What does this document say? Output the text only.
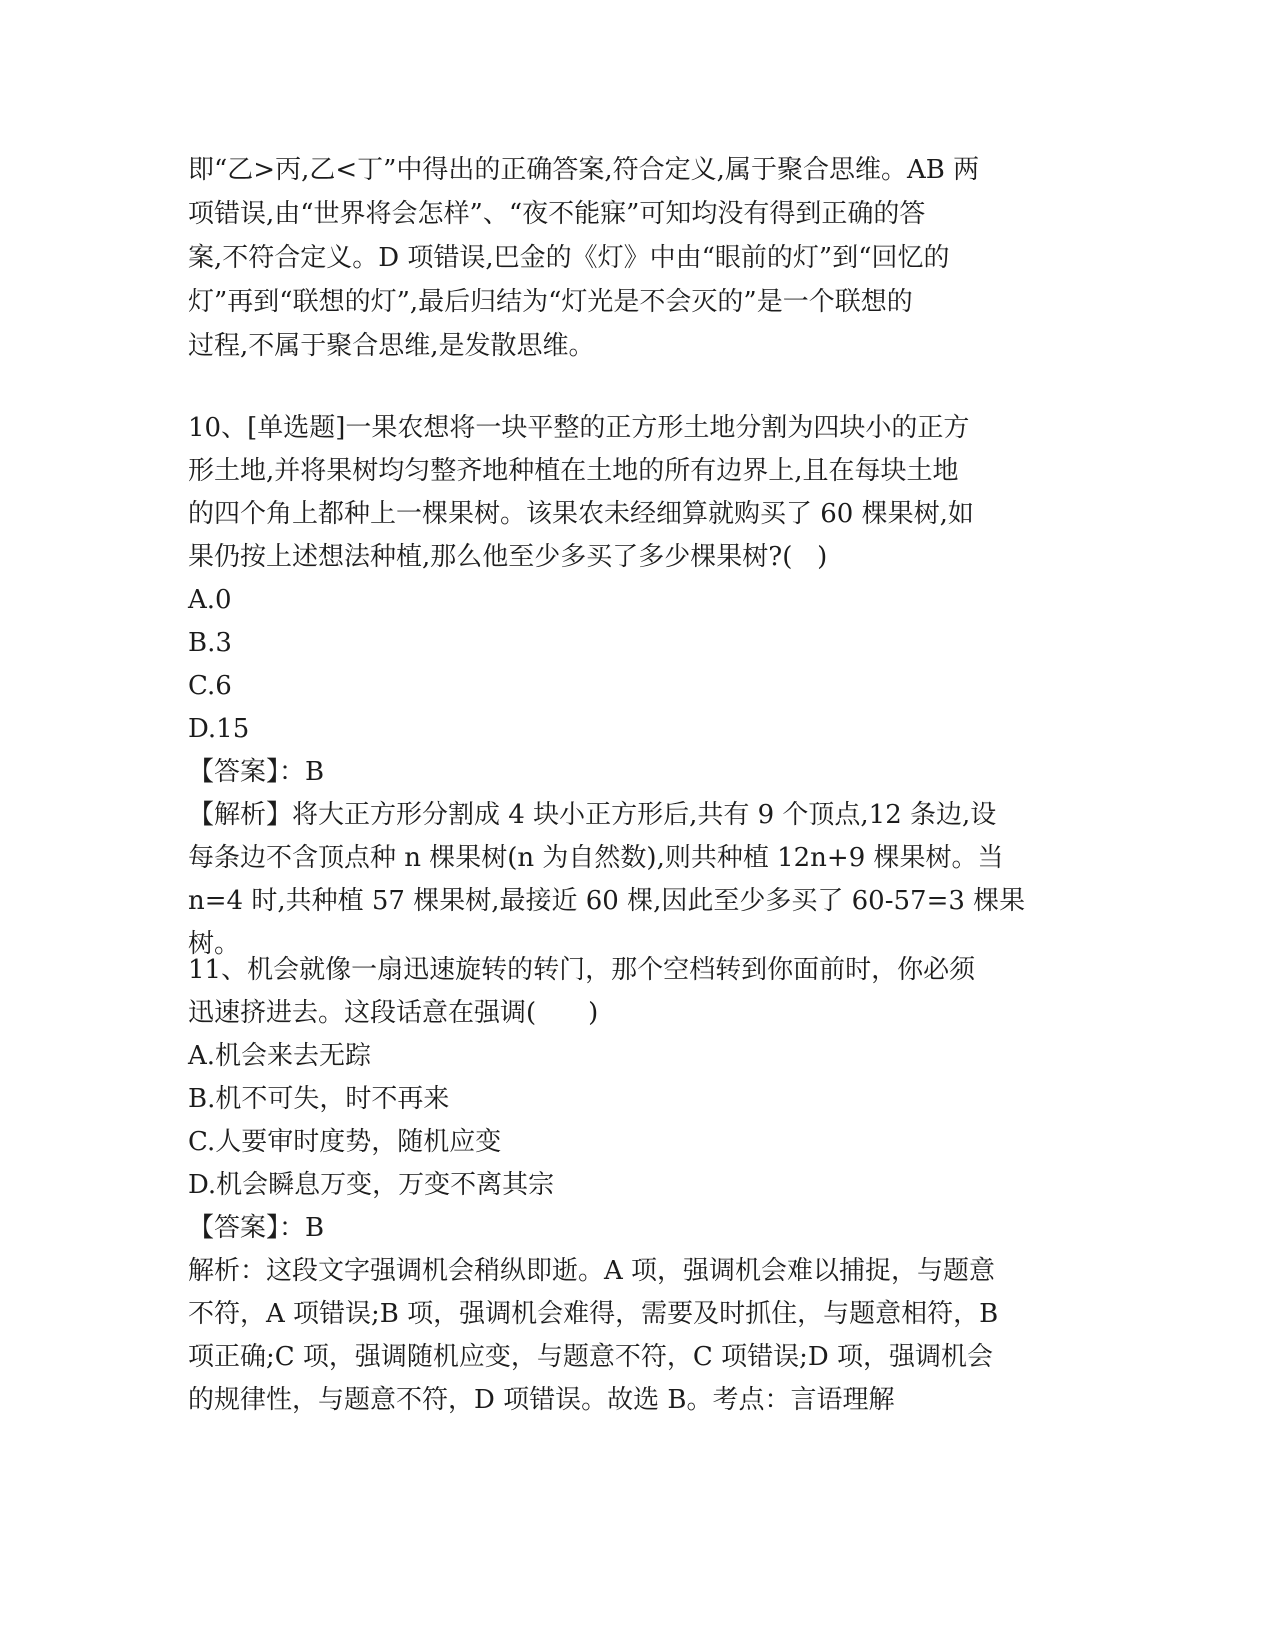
即“乙>丙,乙<丁”中得出的正确答案,符合定义,属于聚合思维。AB 两
项错误,由“世界将会怎样”、“夜不能寐”可知均没有得到正确的答
案,不符合定义。D 项错误,巴金的《灯》中由“眼前的灯”到“回忆的
灯”再到“联想的灯”,最后归结为“灯光是不会灭的”是一个联想的
过程,不属于聚合思维,是发散思维。
10、[单选题]一果农想将一块平整的正方形土地分割为四块小的正方
形土地,并将果树均匀整齐地种植在土地的所有边界上,且在每块土地
的四个角上都种上一棵果树。该果农未经细算就购买了 60 棵果树,如
果仍按上述想法种植,那么他至少多买了多少棵果树?(   )
A.0
B.3
C.6
D.15
【答案】：B
【解析】将大正方形分割成 4 块小正方形后,共有 9 个顶点,12 条边,设
每条边不含顶点种 n 棵果树(n 为自然数),则共种植 12n+9 棵果树。当
n=4 时,共种植 57 棵果树,最接近 60 棵,因此至少多买了 60-57=3 棵果
树。
11、机会就像一扇迅速旋转的转门，那个空档转到你面前时，你必须
迅速挤进去。这段话意在强调(　　)
A.机会来去无踪
B.机不可失，时不再来
C.人要审时度势，随机应变
D.机会瞬息万变，万变不离其宗
【答案】：B
解析：这段文字强调机会稍纵即逝。A 项，强调机会难以捕捉，与题意
不符，A 项错误;B 项，强调机会难得，需要及时抓住，与题意相符，B
项正确;C 项，强调随机应变，与题意不符，C 项错误;D 项，强调机会
的规律性，与题意不符，D 项错误。故选 B。考点：言语理解
